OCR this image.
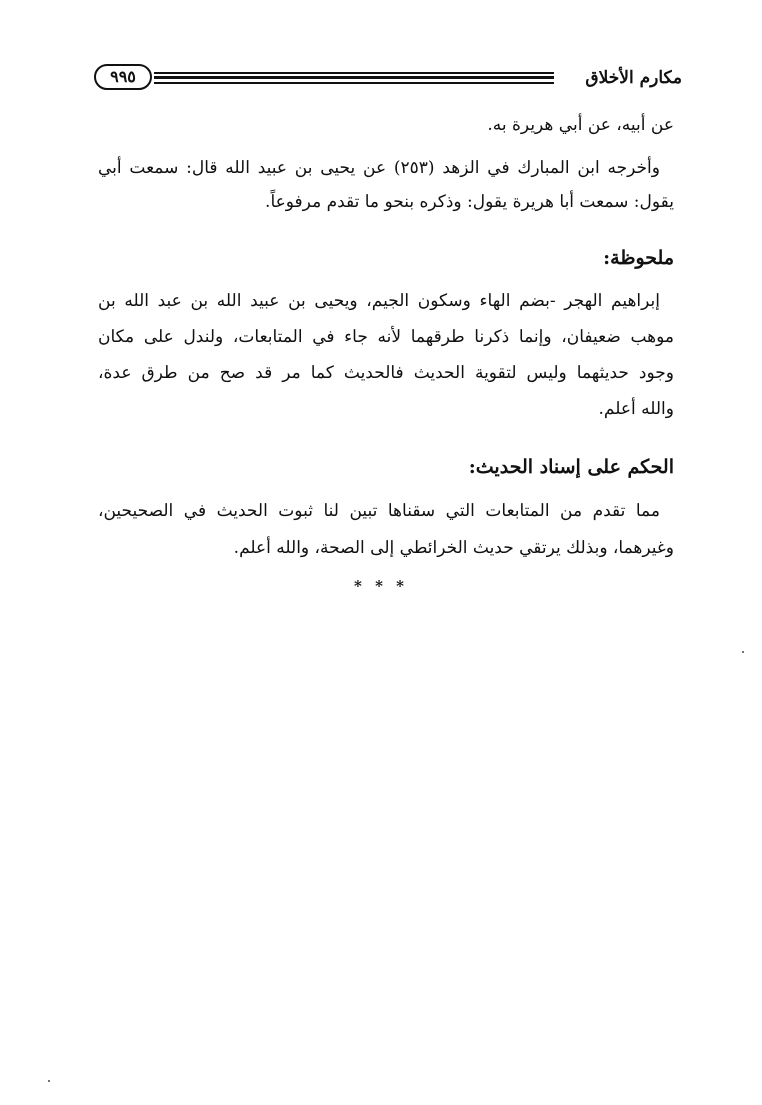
مكارم الأخلاق
٩٩٥
عن أبيه، عن أبي هريرة به.
وأخرجه ابن المبارك في الزهد (٢٥٣) عن يحيى بن عبيد الله قال: سمعت أبي
يقول: سمعت أبا هريرة يقول: وذكره بنحو ما تقدم مرفوعاً.
ملحوظة:
إبراهيم الهجر -بضم الهاء وسكون الجيم، ويحيى بن عبيد الله بن عبد الله بن
موهب ضعيفان، وإنما ذكرنا طرقهما لأنه جاء في المتابعات، ولندل على مكان
وجود حديثهما وليس لتقوية الحديث فالحديث كما مر قد صح من طرق عدة،
والله أعلم.
الحكم على إسناد الحديث:
مما تقدم من المتابعات التي سقناها تبين لنا ثبوت الحديث في الصحيحين،
وغيرهما، وبذلك يرتقي حديث الخرائطي إلى الصحة، والله أعلم.
* * *
